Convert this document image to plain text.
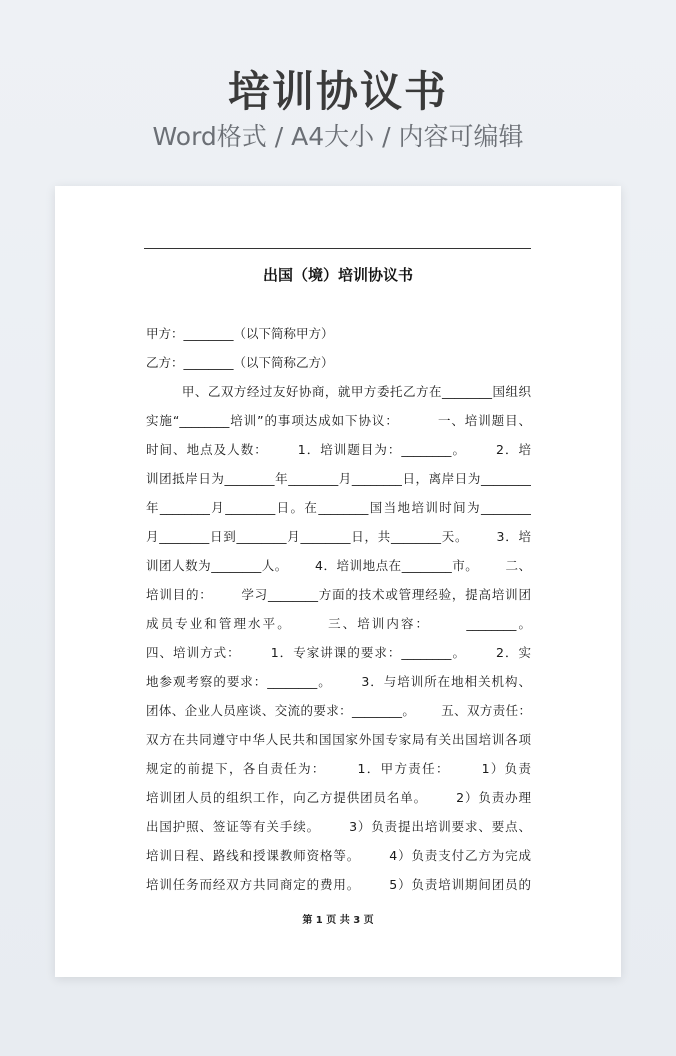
培训协议书
Word格式 / A4大小 / 内容可编辑
出国（境）培训协议书
甲方：________（以下简称甲方）
乙方：________（以下简称乙方）
甲、乙双方经过友好协商，就甲方委托乙方在________国组织
实施“________培训”的事项达成如下协议：        一、培训题目、
时间、地点及人数：      1．培训题目为：________。      2．培
训团抵岸日为________年________月________日，离岸日为________
年________月________日。在________国当地培训时间为________
月________日到________月________日，共________天。      3．培
训团人数为________人。      4．培训地点在________市。      二、
培训目的：      学习________方面的技术或管理经验，提高培训团
成员专业和管理水平。      三、培训内容：      ________。
四、培训方式：      1．专家讲课的要求：________。      2．实
地参观考察的要求：________。      3．与培训所在地相关机构、
团体、企业人员座谈、交流的要求：________。      五、双方责任：
双方在共同遵守中华人民共和国国家外国专家局有关出国培训各项
规定的前提下，各自责任为：      1．甲方责任：      1）负责
培训团人员的组织工作，向乙方提供团员名单。      2）负责办理
出国护照、签证等有关手续。      3）负责提出培训要求、要点、
培训日程、路线和授课教师资格等。      4）负责支付乙方为完成
培训任务而经双方共同商定的费用。      5）负责培训期间团员的
第 1 页 共 3 页
